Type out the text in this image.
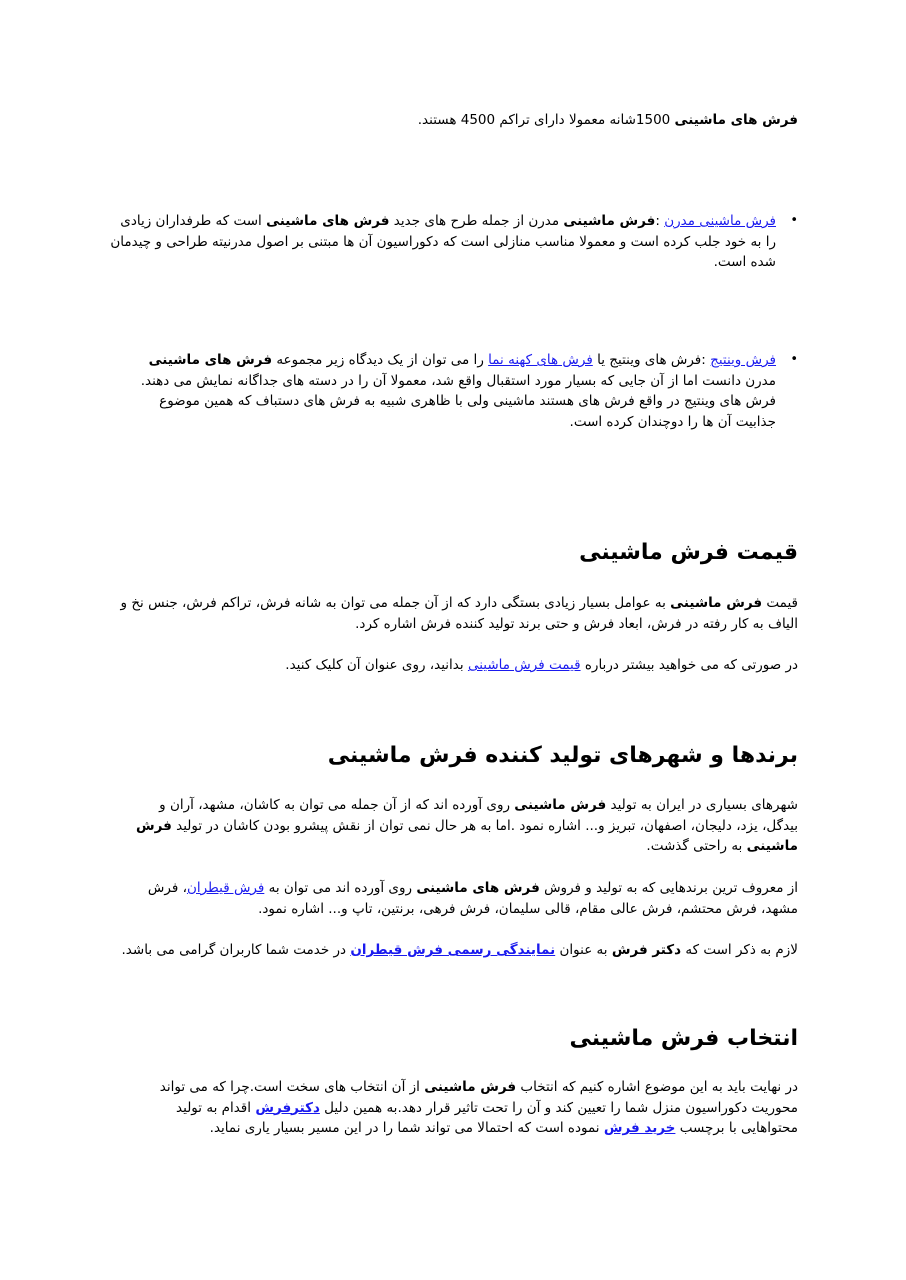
فرش های ماشینی 1500شانه معمولا دارای تراکم 4500 هستند.
•
فرش ماشینی مدرن :فرش ماشینی مدرن از جمله طرح های جدید فرش های ماشینی است که طرفداران زیادی را به خود جلب کرده است و معمولا مناسب منازلی است که دکوراسیون آن ها مبتنی بر اصول مدرنیته طراحی و چیدمان شده است.
•
فرش وینتیج :فرش های وینتیج یا فرش های کهنه نما را می توان از یک دیدگاه زیر مجموعه فرش های ماشینی مدرن دانست اما از آن جایی که بسیار مورد استقبال واقع شد، معمولا آن را در دسته های جداگانه نمایش می دهند. فرش های وینتیج در واقع فرش های هستند ماشینی ولی با ظاهری شبیه به فرش های دستباف که همین موضوع جذابیت آن ها را دوچندان کرده است.
قیمت فرش ماشینی
قیمت فرش ماشینی به عوامل بسیار زیادی بستگی دارد که از آن جمله می توان به شانه فرش، تراکم فرش، جنس نخ و الیاف به کار رفته در فرش، ابعاد فرش و حتی برند تولید کننده فرش اشاره کرد.
در صورتی که می خواهید بیشتر درباره قیمت فرش ماشینی بدانید، روی عنوان آن کلیک کنید.
برندها و شهرهای تولید کننده فرش ماشینی
شهرهای بسیاری در ایران به تولید فرش ماشینی روی آورده اند که از آن جمله می توان به کاشان، مشهد، آران و بیدگل، یزد، دلیجان، اصفهان، تبریز و... اشاره نمود .اما به هر حال نمی توان از نقش پیشرو بودن کاشان در تولید فرش ماشینی به راحتی گذشت.
از معروف ترین برندهایی که به تولید و فروش فرش های ماشینی روی آورده اند می توان به فرش قیطران، فرش مشهد، فرش محتشم، فرش عالی مقام، قالی سلیمان، فرش فرهی، برنتین، تاپ و... اشاره نمود.
لازم به ذکر است که دکتر فرش به عنوان نمایندگی رسمی فرش قیطران در خدمت شما کاربران گرامی می باشد.
انتخاب فرش ماشینی
در نهایت باید به این موضوع اشاره کنیم که انتخاب فرش ماشینی از آن انتخاب های سخت است.چرا که می تواند محوریت دکوراسیون منزل شما را تعیین کند و آن را تحت تاثیر قرار دهد.به همین دلیل دکترفرش اقدام به تولید محتواهایی با برچسب خرید فرش نموده است که احتمالا می تواند شما را در این مسیر بسیار یاری نماید.
